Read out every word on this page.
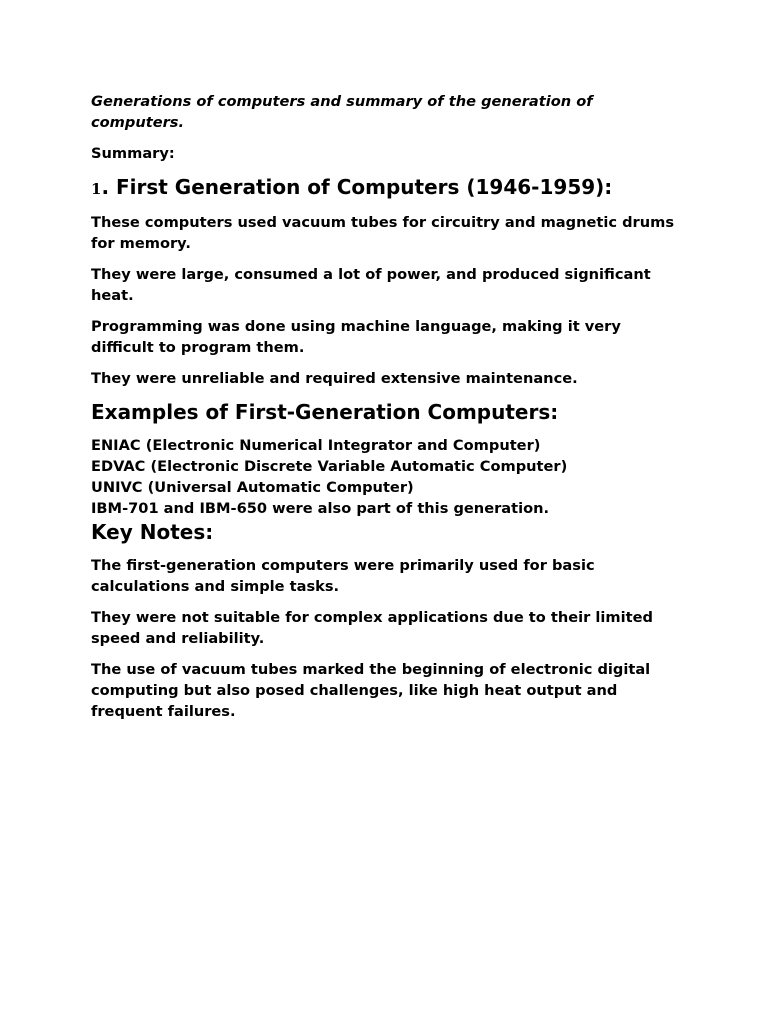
Generations of computers and summary of the generation of computers.

Summary:

1. First Generation of Computers (1946-1959):

These computers used vacuum tubes for circuitry and magnetic drums for memory.

They were large, consumed a lot of power, and produced significant heat.

Programming was done using machine language, making it very difficult to program them.

They were unreliable and required extensive maintenance.

Examples of First-Generation Computers:
ENIAC (Electronic Numerical Integrator and Computer)
EDVAC (Electronic Discrete Variable Automatic Computer)
UNIVC (Universal Automatic Computer)
IBM-701 and IBM-650 were also part of this generation.
Key Notes:

The first-generation computers were primarily used for basic calculations and simple tasks.

They were not suitable for complex applications due to their limited speed and reliability.

The use of vacuum tubes marked the beginning of electronic digital computing but also posed challenges, like high heat output and frequent failures.
